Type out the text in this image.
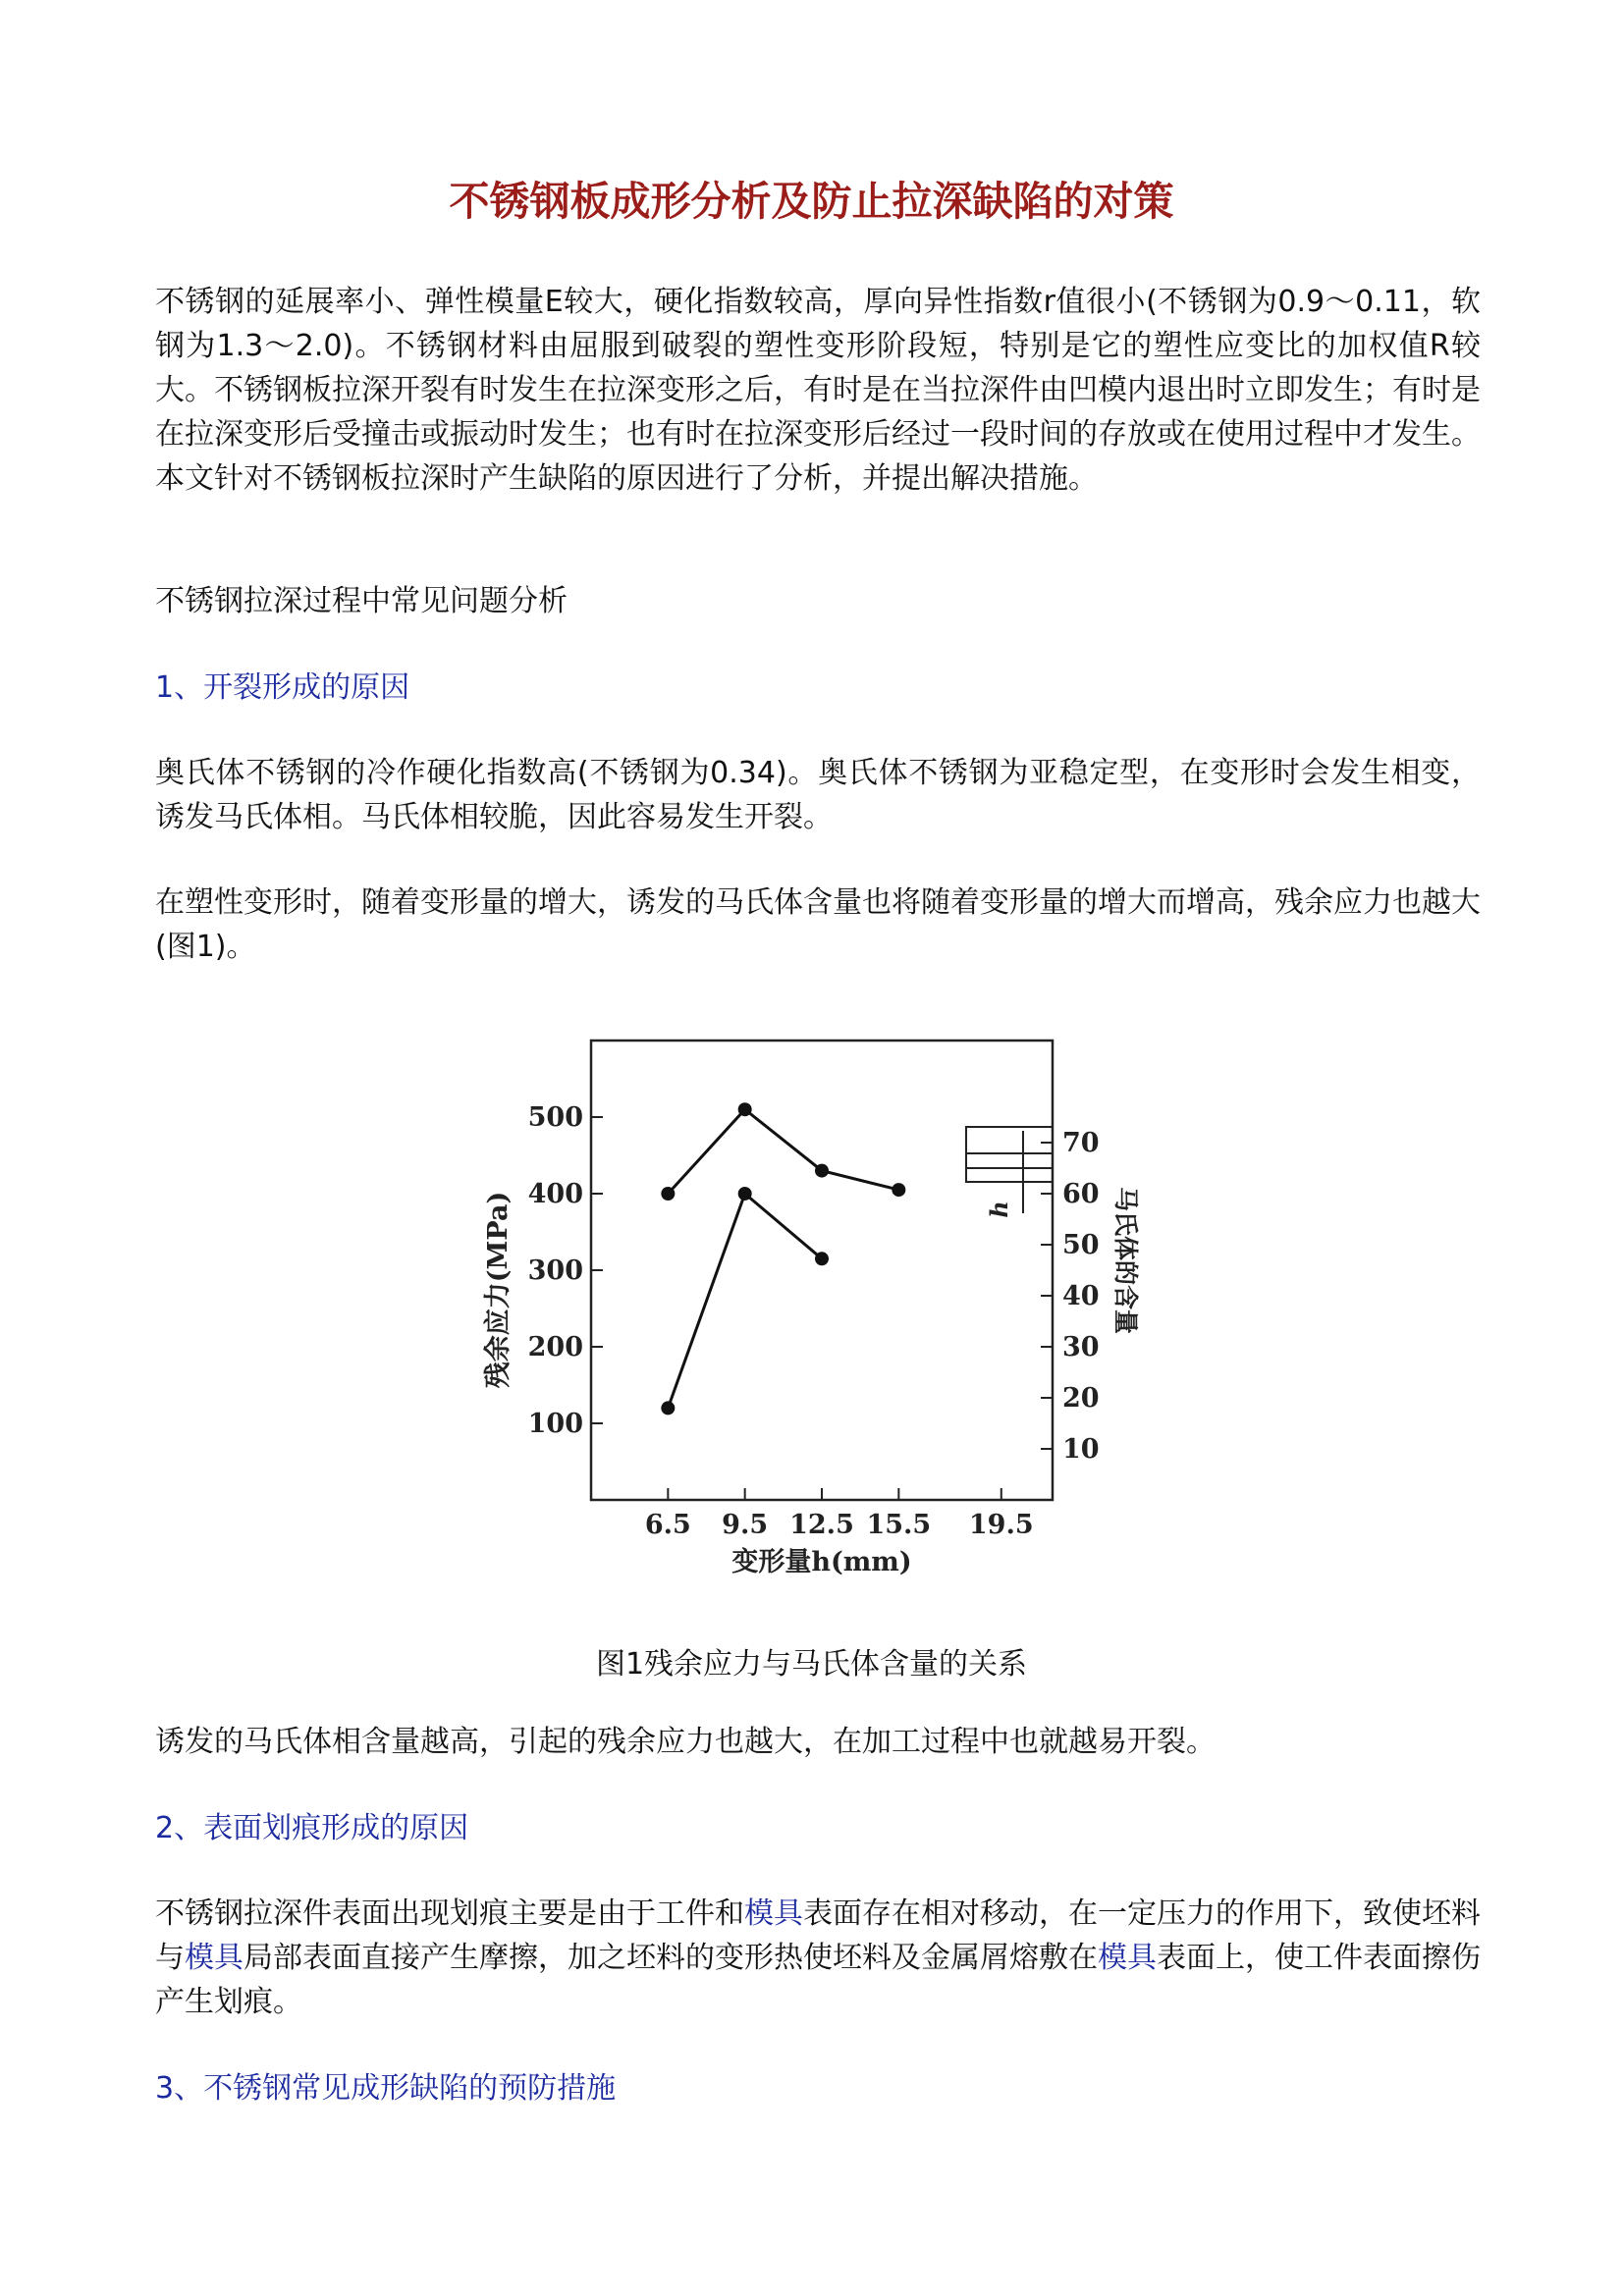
不锈钢板成形分析及防止拉深缺陷的对策

不锈钢的延展率小、弹性模量E较大，硬化指数较高，厚向异性指数r值很小(不锈钢为0.9～0.11，软钢为1.3～2.0)。不锈钢材料由屈服到破裂的塑性变形阶段短，特别是它的塑性应变比的加权值R较大。不锈钢板拉深开裂有时发生在拉深变形之后，有时是在当拉深件由凹模内退出时立即发生；有时是在拉深变形后受撞击或振动时发生；也有时在拉深变形后经过一段时间的存放或在使用过程中才发生。本文针对不锈钢板拉深时产生缺陷的原因进行了分析，并提出解决措施。

不锈钢拉深过程中常见问题分析

1、开裂形成的原因

奥氏体不锈钢的冷作硬化指数高(不锈钢为0.34)。奥氏体不锈钢为亚稳定型，在变形时会发生相变，诱发马氏体相。马氏体相较脆，因此容易发生开裂。

在塑性变形时，随着变形量的增大，诱发的马氏体含量也将随着变形量的增大而增高，残余应力也越大(图1)。

100
200
300
400
500
10
20
30
40
50
60
70
6.5 9.5 12.5 15.5 19.5
变形量h(mm)
残余应力(MPa)	马氏体的含量
h

图1残余应力与马氏体含量的关系

诱发的马氏体相含量越高，引起的残余应力也越大，在加工过程中也就越易开裂。

2、表面划痕形成的原因

不锈钢拉深件表面出现划痕主要是由于工件和模具表面存在相对移动，在一定压力的作用下，致使坯料与模具局部表面直接产生摩擦，加之坯料的变形热使坯料及金属屑熔敷在模具表面上，使工件表面擦伤产生划痕。

3、不锈钢常见成形缺陷的预防措施
